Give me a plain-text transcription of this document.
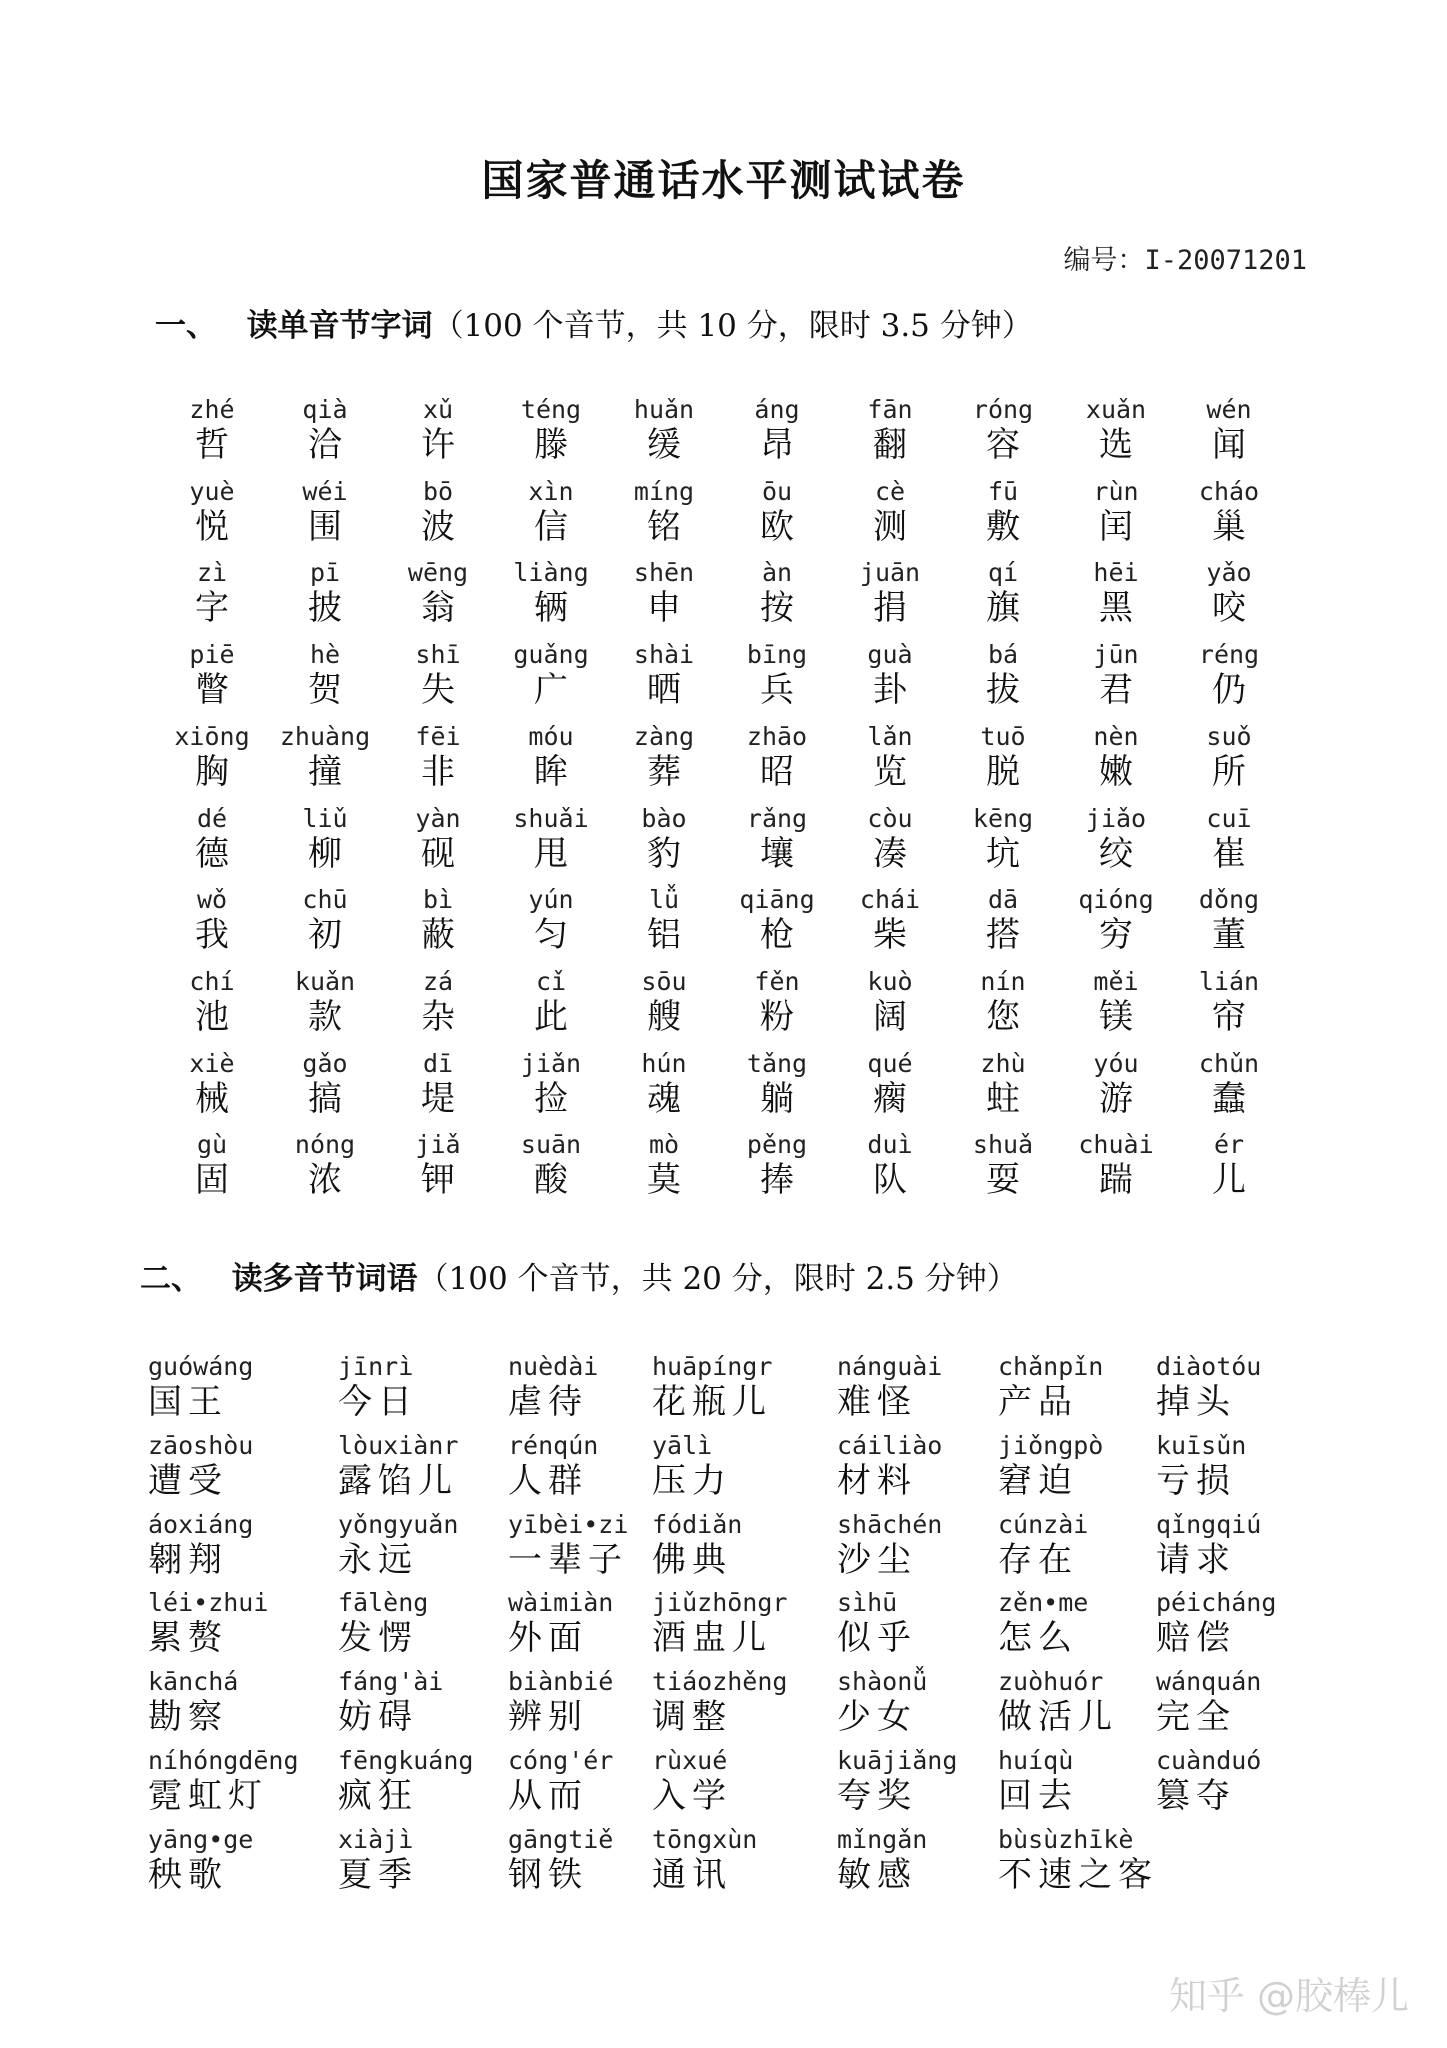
国家普通话水平测试试卷
编号：I-20071201
一、 读单音节字词（100 个音节，共 10 分，限时 3.5 分钟）
zhé
哲
qià
洽
xǔ
许
téng
滕
huǎn
缓
áng
昂
fān
翻
róng
容
xuǎn
选
wén
闻
yuè
悦
wéi
围
bō
波
xìn
信
míng
铭
ōu
欧
cè
测
fū
敷
rùn
闰
cháo
巢
zì
字
pī
披
wēng
翁
liàng
辆
shēn
申
àn
按
juān
捐
qí
旗
hēi
黑
yǎo
咬
piē
瞥
hè
贺
shī
失
guǎng
广
shài
晒
bīng
兵
guà
卦
bá
拔
jūn
君
réng
仍
xiōng
胸
zhuàng
撞
fēi
非
móu
眸
zàng
葬
zhāo
昭
lǎn
览
tuō
脱
nèn
嫩
suǒ
所
dé
德
liǔ
柳
yàn
砚
shuǎi
甩
bào
豹
rǎng
壤
còu
凑
kēng
坑
jiǎo
绞
cuī
崔
wǒ
我
chū
初
bì
蔽
yún
匀
lǚ
铝
qiāng
枪
chái
柴
dā
搭
qióng
穷
dǒng
董
chí
池
kuǎn
款
zá
杂
cǐ
此
sōu
艘
fěn
粉
kuò
阔
nín
您
měi
镁
lián
帘
xiè
械
gǎo
搞
dī
堤
jiǎn
捡
hún
魂
tǎng
躺
qué
瘸
zhù
蛀
yóu
游
chǔn
蠢
gù
固
nóng
浓
jiǎ
钾
suān
酸
mò
莫
pěng
捧
duì
队
shuǎ
耍
chuài
踹
ér
儿
二、 读多音节词语（100 个音节，共 20 分，限时 2.5 分钟）
guówáng
国王
jīnrì
今日
nuèdài
虐待
huāpíngr
花瓶儿
nánguài
难怪
chǎnpǐn
产品
diàotóu
掉头
zāoshòu
遭受
lòuxiànr
露馅儿
rénqún
人群
yālì
压力
cáiliào
材料
jiǒngpò
窘迫
kuīsǔn
亏损
áoxiáng
翱翔
yǒngyuǎn
永远
yībèi•zi
一辈子
fódiǎn
佛典
shāchén
沙尘
cúnzài
存在
qǐngqiú
请求
léi•zhui
累赘
fālèng
发愣
wàimiàn
外面
jiǔzhōngr
酒盅儿
sìhū
似乎
zěn•me
怎么
péicháng
赔偿
kānchá
勘察
fáng'ài
妨碍
biànbié
辨别
tiáozhěng
调整
shàonǚ
少女
zuòhuór
做活儿
wánquán
完全
níhóngdēng
霓虹灯
fēngkuáng
疯狂
cóng'ér
从而
rùxué
入学
kuājiǎng
夸奖
huíqù
回去
cuànduó
篡夺
yāng•ge
秧歌
xiàjì
夏季
gāngtiě
钢铁
tōngxùn
通讯
mǐngǎn
敏感
bùsùzhīkè
不速之客
知乎 @胶棒儿
